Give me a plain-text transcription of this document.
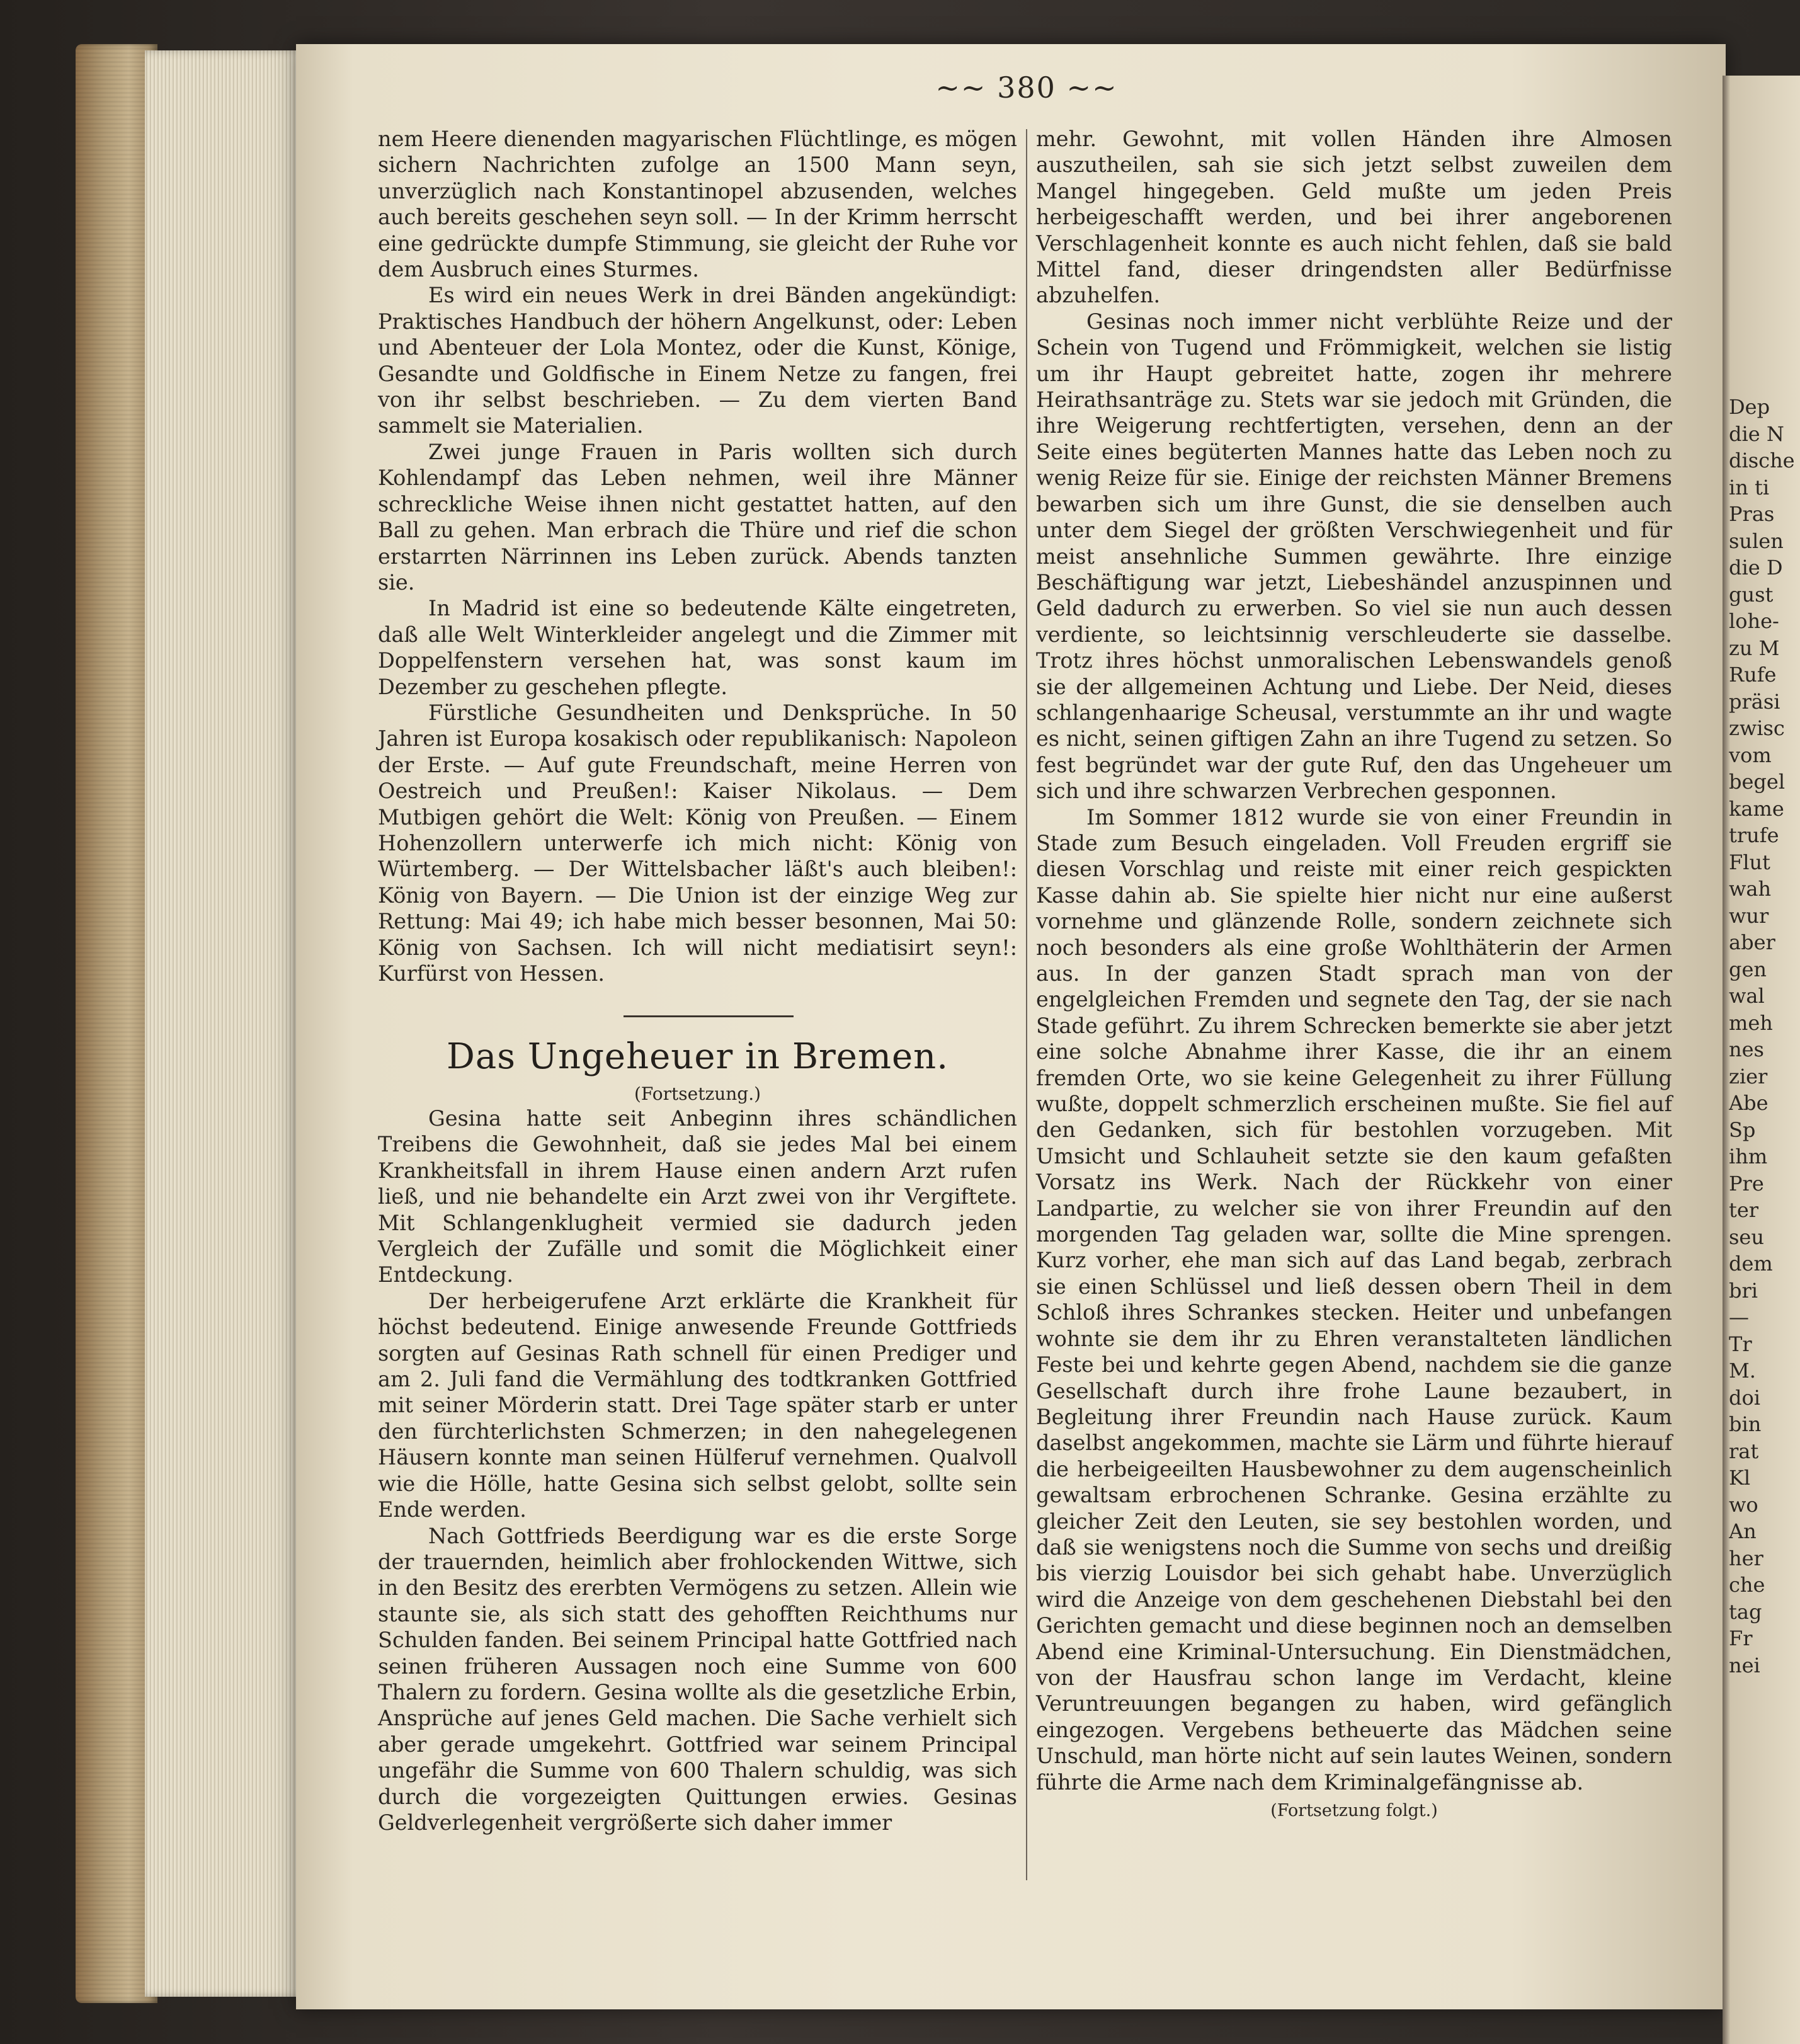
~~ 380 ~~

nem Heere dienenden magyarischen Flüchtlinge, es mögen sichern Nachrichten zufolge an 1500 Mann seyn, unverzüglich nach Konstantinopel abzusenden, welches auch bereits geschehen seyn soll. — In der Krimm herrscht eine gedrückte dumpfe Stimmung, sie gleicht der Ruhe vor dem Ausbruch eines Sturmes.

Es wird ein neues Werk in drei Bänden angekündigt: Praktisches Handbuch der höhern Angelkunst, oder: Leben und Abenteuer der Lola Montez, oder die Kunst, Könige, Gesandte und Goldfische in Einem Netze zu fangen, frei von ihr selbst beschrieben. — Zu dem vierten Band sammelt sie Materialien.

Zwei junge Frauen in Paris wollten sich durch Kohlendampf das Leben nehmen, weil ihre Männer schreckliche Weise ihnen nicht gestattet hatten, auf den Ball zu gehen. Man erbrach die Thüre und rief die schon erstarrten Närrinnen ins Leben zurück. Abends tanzten sie.

In Madrid ist eine so bedeutende Kälte eingetreten, daß alle Welt Winterkleider angelegt und die Zimmer mit Doppelfenstern versehen hat, was sonst kaum im Dezember zu geschehen pflegte.

Fürstliche Gesundheiten und Denksprüche. In 50 Jahren ist Europa kosakisch oder republikanisch: Napoleon der Erste. — Auf gute Freundschaft, meine Herren von Oestreich und Preußen!: Kaiser Nikolaus. — Dem Mutbigen gehört die Welt: König von Preußen. — Einem Hohenzollern unterwerfe ich mich nicht: König von Würtemberg. — Der Wittelsbacher läßt's auch bleiben!: König von Bayern. — Die Union ist der einzige Weg zur Rettung: Mai 49; ich habe mich besser besonnen, Mai 50: König von Sachsen. Ich will nicht mediatisirt seyn!: Kurfürst von Hessen.

Das Ungeheuer in Bremen.
(Fortsetzung.)

Gesina hatte seit Anbeginn ihres schändlichen Treibens die Gewohnheit, daß sie jedes Mal bei einem Krankheitsfall in ihrem Hause einen andern Arzt rufen ließ, und nie behandelte ein Arzt zwei von ihr Vergiftete. Mit Schlangenklugheit vermied sie dadurch jeden Vergleich der Zufälle und somit die Möglichkeit einer Entdeckung.

Der herbeigerufene Arzt erklärte die Krankheit für höchst bedeutend. Einige anwesende Freunde Gottfrieds sorgten auf Gesinas Rath schnell für einen Prediger und am 2. Juli fand die Vermählung des todtkranken Gottfried mit seiner Mörderin statt. Drei Tage später starb er unter den fürchterlichsten Schmerzen; in den nahegelegenen Häusern konnte man seinen Hülferuf vernehmen. Qualvoll wie die Hölle, hatte Gesina sich selbst gelobt, sollte sein Ende werden.

Nach Gottfrieds Beerdigung war es die erste Sorge der trauernden, heimlich aber frohlockenden Wittwe, sich in den Besitz des ererbten Vermögens zu setzen. Allein wie staunte sie, als sich statt des gehofften Reichthums nur Schulden fanden. Bei seinem Principal hatte Gottfried nach seinen früheren Aussagen noch eine Summe von 600 Thalern zu fordern. Gesina wollte als die gesetzliche Erbin, Ansprüche auf jenes Geld machen. Die Sache verhielt sich aber gerade umgekehrt. Gottfried war seinem Principal ungefähr die Summe von 600 Thalern schuldig, was sich durch die vorgezeigten Quittungen erwies. Gesinas Geldverlegenheit vergrößerte sich daher immer

mehr. Gewohnt, mit vollen Händen ihre Almosen auszutheilen, sah sie sich jetzt selbst zuweilen dem Mangel hingegeben. Geld mußte um jeden Preis herbeigeschafft werden, und bei ihrer angeborenen Verschlagenheit konnte es auch nicht fehlen, daß sie bald Mittel fand, dieser dringendsten aller Bedürfnisse abzuhelfen.

Gesinas noch immer nicht verblühte Reize und der Schein von Tugend und Frömmigkeit, welchen sie listig um ihr Haupt gebreitet hatte, zogen ihr mehrere Heirathsanträge zu. Stets war sie jedoch mit Gründen, die ihre Weigerung rechtfertigten, versehen, denn an der Seite eines begüterten Mannes hatte das Leben noch zu wenig Reize für sie. Einige der reichsten Männer Bremens bewarben sich um ihre Gunst, die sie denselben auch unter dem Siegel der größten Verschwiegenheit und für meist ansehnliche Summen gewährte. Ihre einzige Beschäftigung war jetzt, Liebeshändel anzuspinnen und Geld dadurch zu erwerben. So viel sie nun auch dessen verdiente, so leichtsinnig verschleuderte sie dasselbe. Trotz ihres höchst unmoralischen Lebenswandels genoß sie der allgemeinen Achtung und Liebe. Der Neid, dieses schlangenhaarige Scheusal, verstummte an ihr und wagte es nicht, seinen giftigen Zahn an ihre Tugend zu setzen. So fest begründet war der gute Ruf, den das Ungeheuer um sich und ihre schwarzen Verbrechen gesponnen.

Im Sommer 1812 wurde sie von einer Freundin in Stade zum Besuch eingeladen. Voll Freuden ergriff sie diesen Vorschlag und reiste mit einer reich gespickten Kasse dahin ab. Sie spielte hier nicht nur eine außerst vornehme und glänzende Rolle, sondern zeichnete sich noch besonders als eine große Wohlthäterin der Armen aus. In der ganzen Stadt sprach man von der engelgleichen Fremden und segnete den Tag, der sie nach Stade geführt. Zu ihrem Schrecken bemerkte sie aber jetzt eine solche Abnahme ihrer Kasse, die ihr an einem fremden Orte, wo sie keine Gelegenheit zu ihrer Füllung wußte, doppelt schmerzlich erscheinen mußte. Sie fiel auf den Gedanken, sich für bestohlen vorzugeben. Mit Umsicht und Schlauheit setzte sie den kaum gefaßten Vorsatz ins Werk. Nach der Rückkehr von einer Landpartie, zu welcher sie von ihrer Freundin auf den morgenden Tag geladen war, sollte die Mine sprengen. Kurz vorher, ehe man sich auf das Land begab, zerbrach sie einen Schlüssel und ließ dessen obern Theil in dem Schloß ihres Schrankes stecken. Heiter und unbefangen wohnte sie dem ihr zu Ehren veranstalteten ländlichen Feste bei und kehrte gegen Abend, nachdem sie die ganze Gesellschaft durch ihre frohe Laune bezaubert, in Begleitung ihrer Freundin nach Hause zurück. Kaum daselbst angekommen, machte sie Lärm und führte hierauf die herbeigeeilten Hausbewohner zu dem augenscheinlich gewaltsam erbrochenen Schranke. Gesina erzählte zu gleicher Zeit den Leuten, sie sey bestohlen worden, und daß sie wenigstens noch die Summe von sechs und dreißig bis vierzig Louisdor bei sich gehabt habe. Unverzüglich wird die Anzeige von dem geschehenen Diebstahl bei den Gerichten gemacht und diese beginnen noch an demselben Abend eine Kriminal-Untersuchung. Ein Dienstmädchen, von der Hausfrau schon lange im Verdacht, kleine Veruntreuungen begangen zu haben, wird gefänglich eingezogen. Vergebens betheuerte das Mädchen seine Unschuld, man hörte nicht auf sein lautes Weinen, sondern führte die Arme nach dem Kriminalgefängnisse ab.

(Fortsetzung folgt.)

Dep
die N
dische
in ti
Pras
sulen
die D
gust
lohe-
zu M
Rufe
präsi
zwisc
vom
begel
kame
trufe
Flut
wah
wur
aber
gen
wal
meh
nes
zier
Abe
Sp
ihm
Pre
ter
seu
dem
bri
—
Tr
M.
doi
bin
rat
Kl
wo
An
her
che
tag
Fr
nei
